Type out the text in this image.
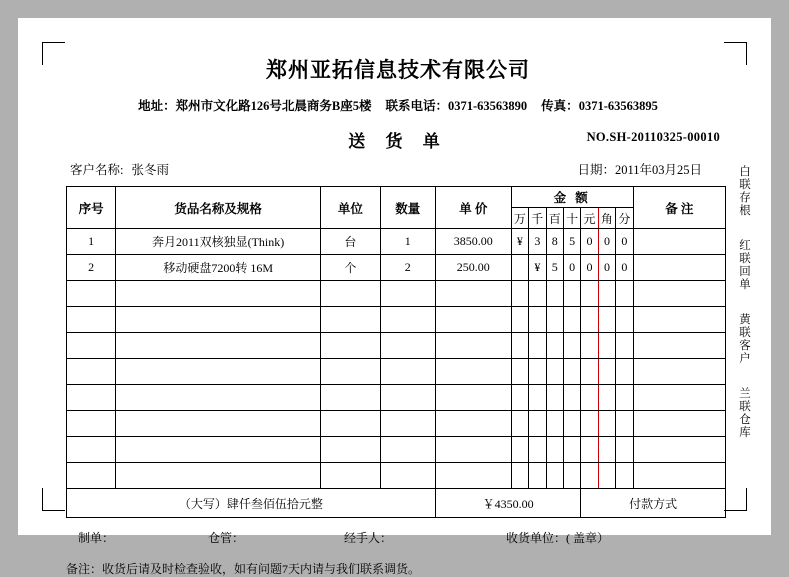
郑州亚拓信息技术有限公司
地址：郑州市文化路126号北晨商务B座5楼 联系电话：0371-63563890 传真：0371-63563895
送 货 单	NO.SH-20110325-00010
客户名称: 张冬雨	日期：2011年03月25日
序号	货品名称及规格	单位	数量	单 价	金 额							备 注
					万	千	百	十	元	角	分	
1	奔月2011双核独显(Think)	台	1	3850.00	¥	3	8	5	0	0	0	
2	移动硬盘7200转 16M	个	2	250.00		¥	5	0	0	0	0	

（大写）肆仟叁佰伍拾元整				￥4350.00					付款方式			
制单：	仓管：	经手人：	收货单位：( 盖章）
备注：收货后请及时检查验收，如有问题7天内请与我们联系调货。
白
联
存
根
红
联
回
单
黄
联
客
户
兰
联
仓
库
